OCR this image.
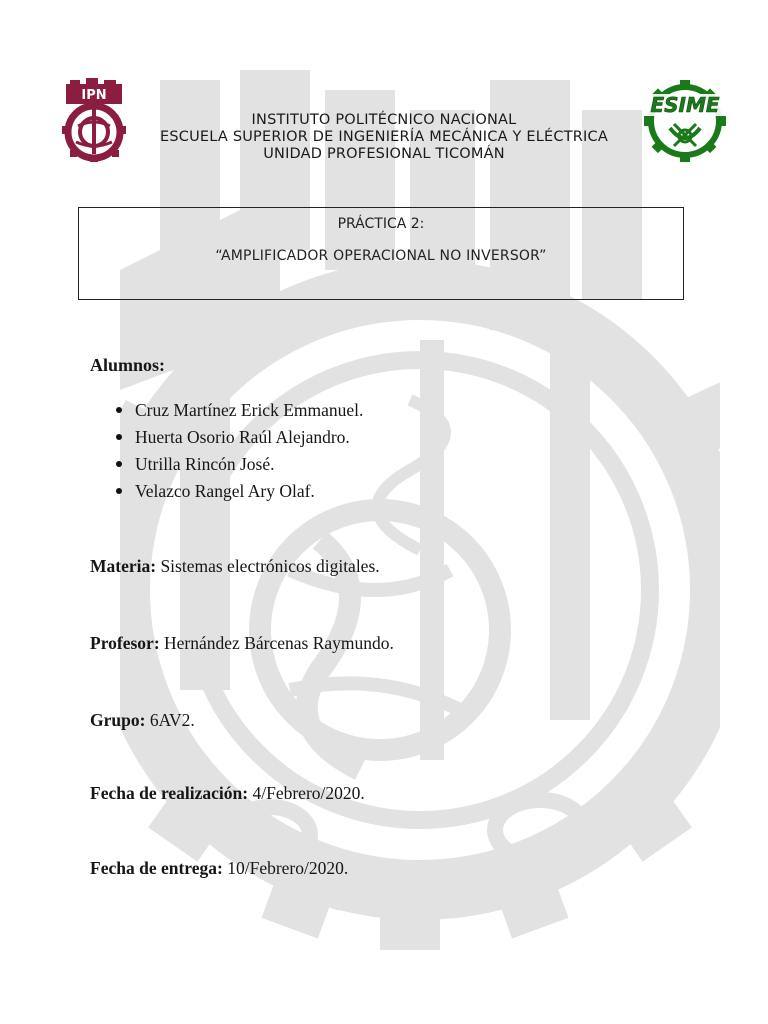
IPN	ESIME
INSTITUTO POLITÉCNICO NACIONAL
ESCUELA SUPERIOR DE INGENIERÍA MECÁNICA Y ELÉCTRICA
UNIDAD PROFESIONAL TICOMÁN
PRÁCTICA 2:
“AMPLIFICADOR OPERACIONAL NO INVERSOR”
Alumnos:
Cruz Martínez Erick Emmanuel.
Huerta Osorio Raúl Alejandro.
Utrilla Rincón José.
Velazco Rangel Ary Olaf.
Materia: Sistemas electrónicos digitales.
Profesor: Hernández Bárcenas Raymundo.
Grupo: 6AV2.
Fecha de realización: 4/Febrero/2020.
Fecha de entrega: 10/Febrero/2020.
